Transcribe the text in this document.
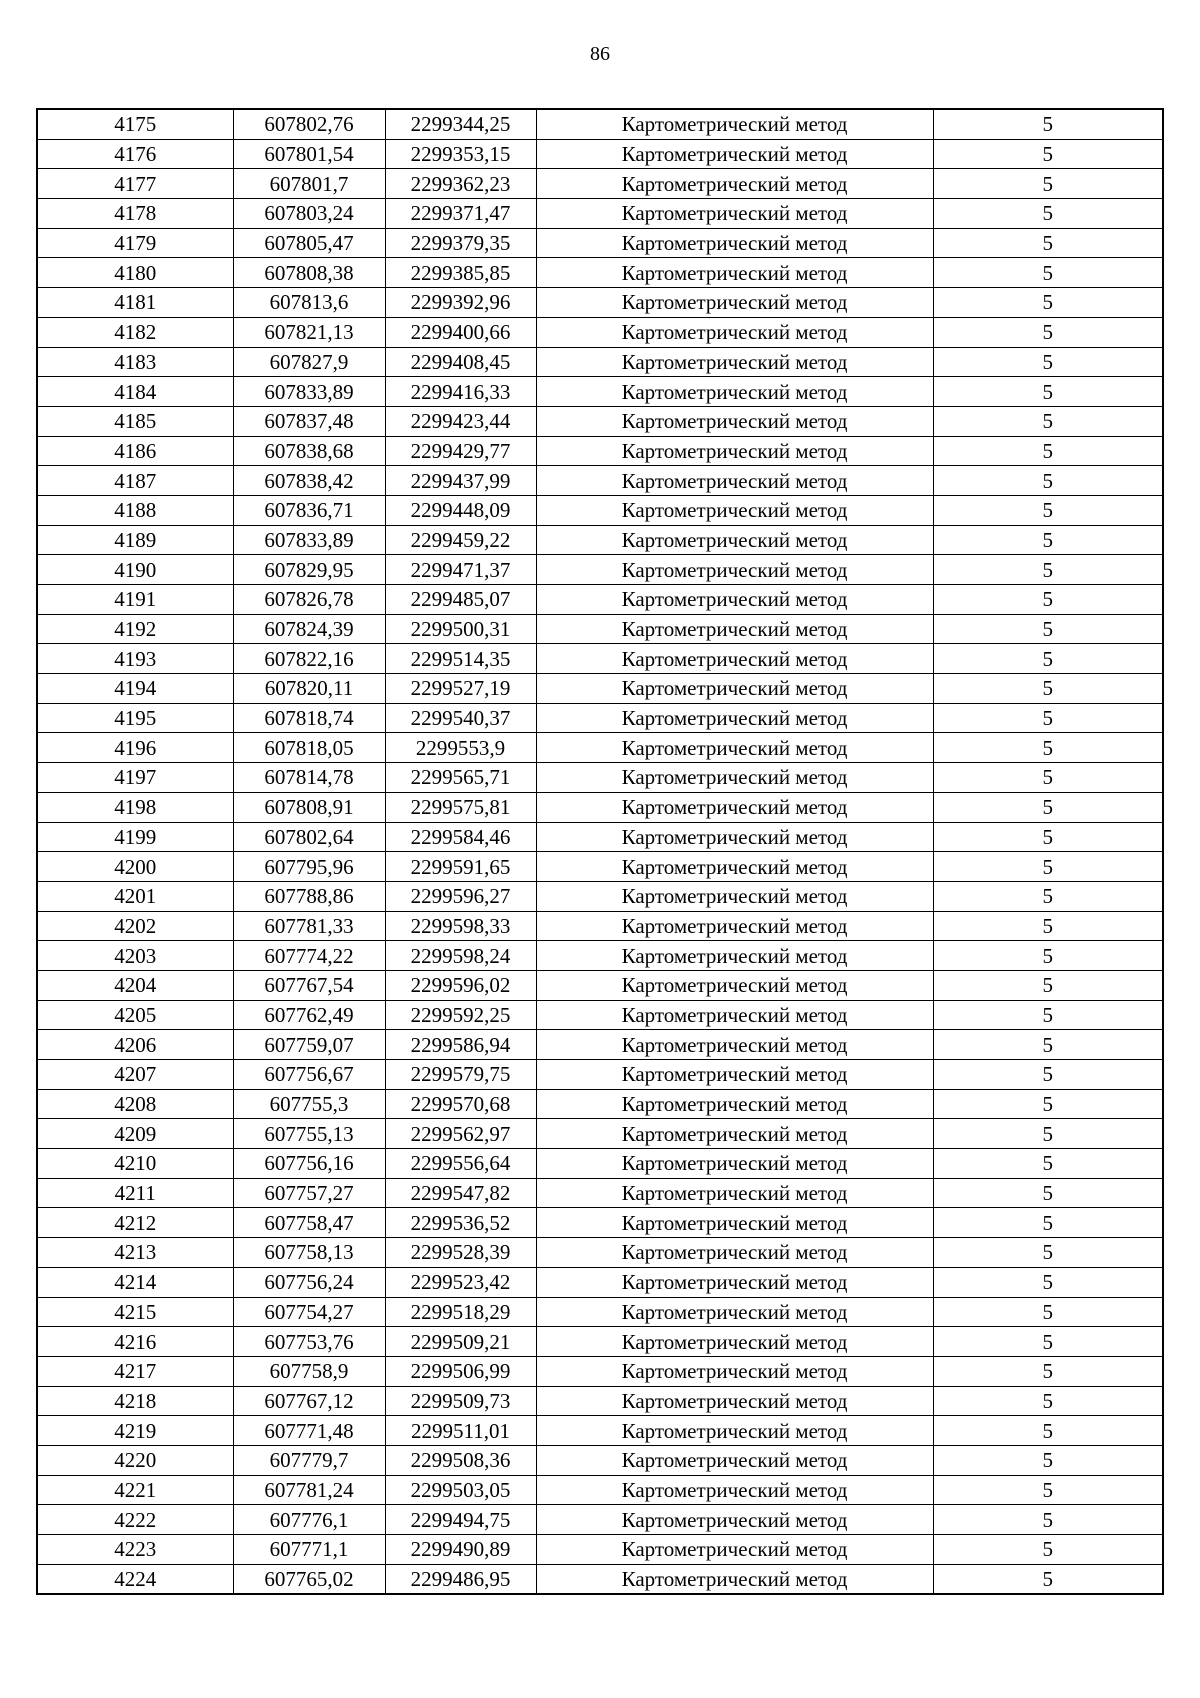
86
4175	607802,76	2299344,25	Картометрический метод	5
4176	607801,54	2299353,15	Картометрический метод	5
4177	607801,7	2299362,23	Картометрический метод	5
4178	607803,24	2299371,47	Картометрический метод	5
4179	607805,47	2299379,35	Картометрический метод	5
4180	607808,38	2299385,85	Картометрический метод	5
4181	607813,6	2299392,96	Картометрический метод	5
4182	607821,13	2299400,66	Картометрический метод	5
4183	607827,9	2299408,45	Картометрический метод	5
4184	607833,89	2299416,33	Картометрический метод	5
4185	607837,48	2299423,44	Картометрический метод	5
4186	607838,68	2299429,77	Картометрический метод	5
4187	607838,42	2299437,99	Картометрический метод	5
4188	607836,71	2299448,09	Картометрический метод	5
4189	607833,89	2299459,22	Картометрический метод	5
4190	607829,95	2299471,37	Картометрический метод	5
4191	607826,78	2299485,07	Картометрический метод	5
4192	607824,39	2299500,31	Картометрический метод	5
4193	607822,16	2299514,35	Картометрический метод	5
4194	607820,11	2299527,19	Картометрический метод	5
4195	607818,74	2299540,37	Картометрический метод	5
4196	607818,05	2299553,9	Картометрический метод	5
4197	607814,78	2299565,71	Картометрический метод	5
4198	607808,91	2299575,81	Картометрический метод	5
4199	607802,64	2299584,46	Картометрический метод	5
4200	607795,96	2299591,65	Картометрический метод	5
4201	607788,86	2299596,27	Картометрический метод	5
4202	607781,33	2299598,33	Картометрический метод	5
4203	607774,22	2299598,24	Картометрический метод	5
4204	607767,54	2299596,02	Картометрический метод	5
4205	607762,49	2299592,25	Картометрический метод	5
4206	607759,07	2299586,94	Картометрический метод	5
4207	607756,67	2299579,75	Картометрический метод	5
4208	607755,3	2299570,68	Картометрический метод	5
4209	607755,13	2299562,97	Картометрический метод	5
4210	607756,16	2299556,64	Картометрический метод	5
4211	607757,27	2299547,82	Картометрический метод	5
4212	607758,47	2299536,52	Картометрический метод	5
4213	607758,13	2299528,39	Картометрический метод	5
4214	607756,24	2299523,42	Картометрический метод	5
4215	607754,27	2299518,29	Картометрический метод	5
4216	607753,76	2299509,21	Картометрический метод	5
4217	607758,9	2299506,99	Картометрический метод	5
4218	607767,12	2299509,73	Картометрический метод	5
4219	607771,48	2299511,01	Картометрический метод	5
4220	607779,7	2299508,36	Картометрический метод	5
4221	607781,24	2299503,05	Картометрический метод	5
4222	607776,1	2299494,75	Картометрический метод	5
4223	607771,1	2299490,89	Картометрический метод	5
4224	607765,02	2299486,95	Картометрический метод	5
